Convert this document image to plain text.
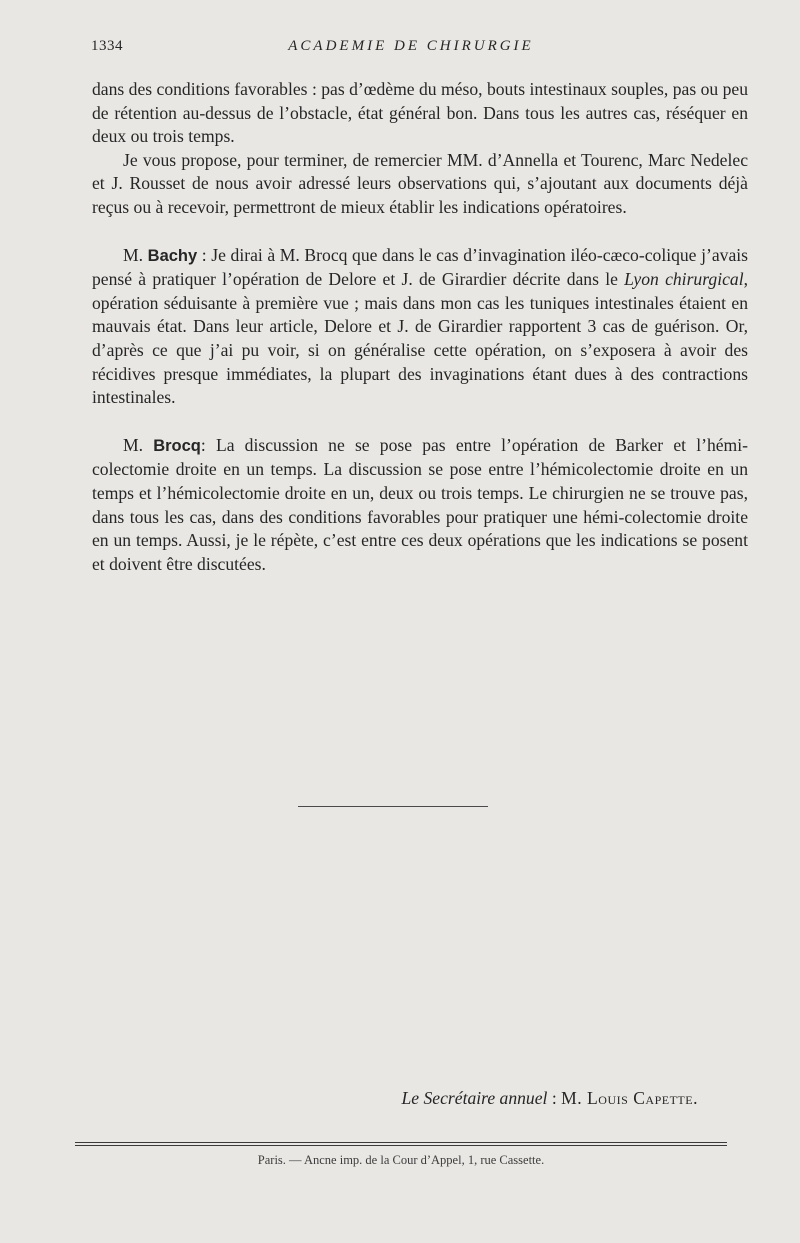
1334	ACADEMIE DE CHIRURGIE

dans des conditions favorables : pas d’œdème du méso, bouts intestinaux souples, pas ou peu de rétention au-dessus de l’obstacle, état général bon. Dans tous les autres cas, réséquer en deux ou trois temps.

Je vous propose, pour terminer, de remercier MM. d’Annella et Tourenc, Marc Nedelec et J. Rousset de nous avoir adressé leurs observations qui, s’ajoutant aux documents déjà reçus ou à recevoir, permettront de mieux établir les indications opératoires.

M. Bachy : Je dirai à M. Brocq que dans le cas d’invagination iléo-cæco-colique j’avais pensé à pratiquer l’opération de Delore et J. de Girardier décrite dans le Lyon chirurgical, opération séduisante à première vue ; mais dans mon cas les tuniques intestinales étaient en mauvais état. Dans leur article, Delore et J. de Girardier rapportent 3 cas de guérison. Or, d’après ce que j’ai pu voir, si on généralise cette opération, on s’exposera à avoir des récidives presque immédiates, la plupart des invaginations étant dues à des contractions intestinales.

M. Brocq: La discussion ne se pose pas entre l’opération de Barker et l’hémi-colectomie droite en un temps. La discussion se pose entre l’hémicolectomie droite en un temps et l’hémicolectomie droite en un, deux ou trois temps. Le chirurgien ne se trouve pas, dans tous les cas, dans des conditions favorables pour pratiquer une hémi-colectomie droite en un temps. Aussi, je le répète, c’est entre ces deux opérations que les indications se posent et doivent être discutées.

Le Secrétaire annuel : M. Louis Capette.
Paris. — Ancne imp. de la Cour d’Appel, 1, rue Cassette.
